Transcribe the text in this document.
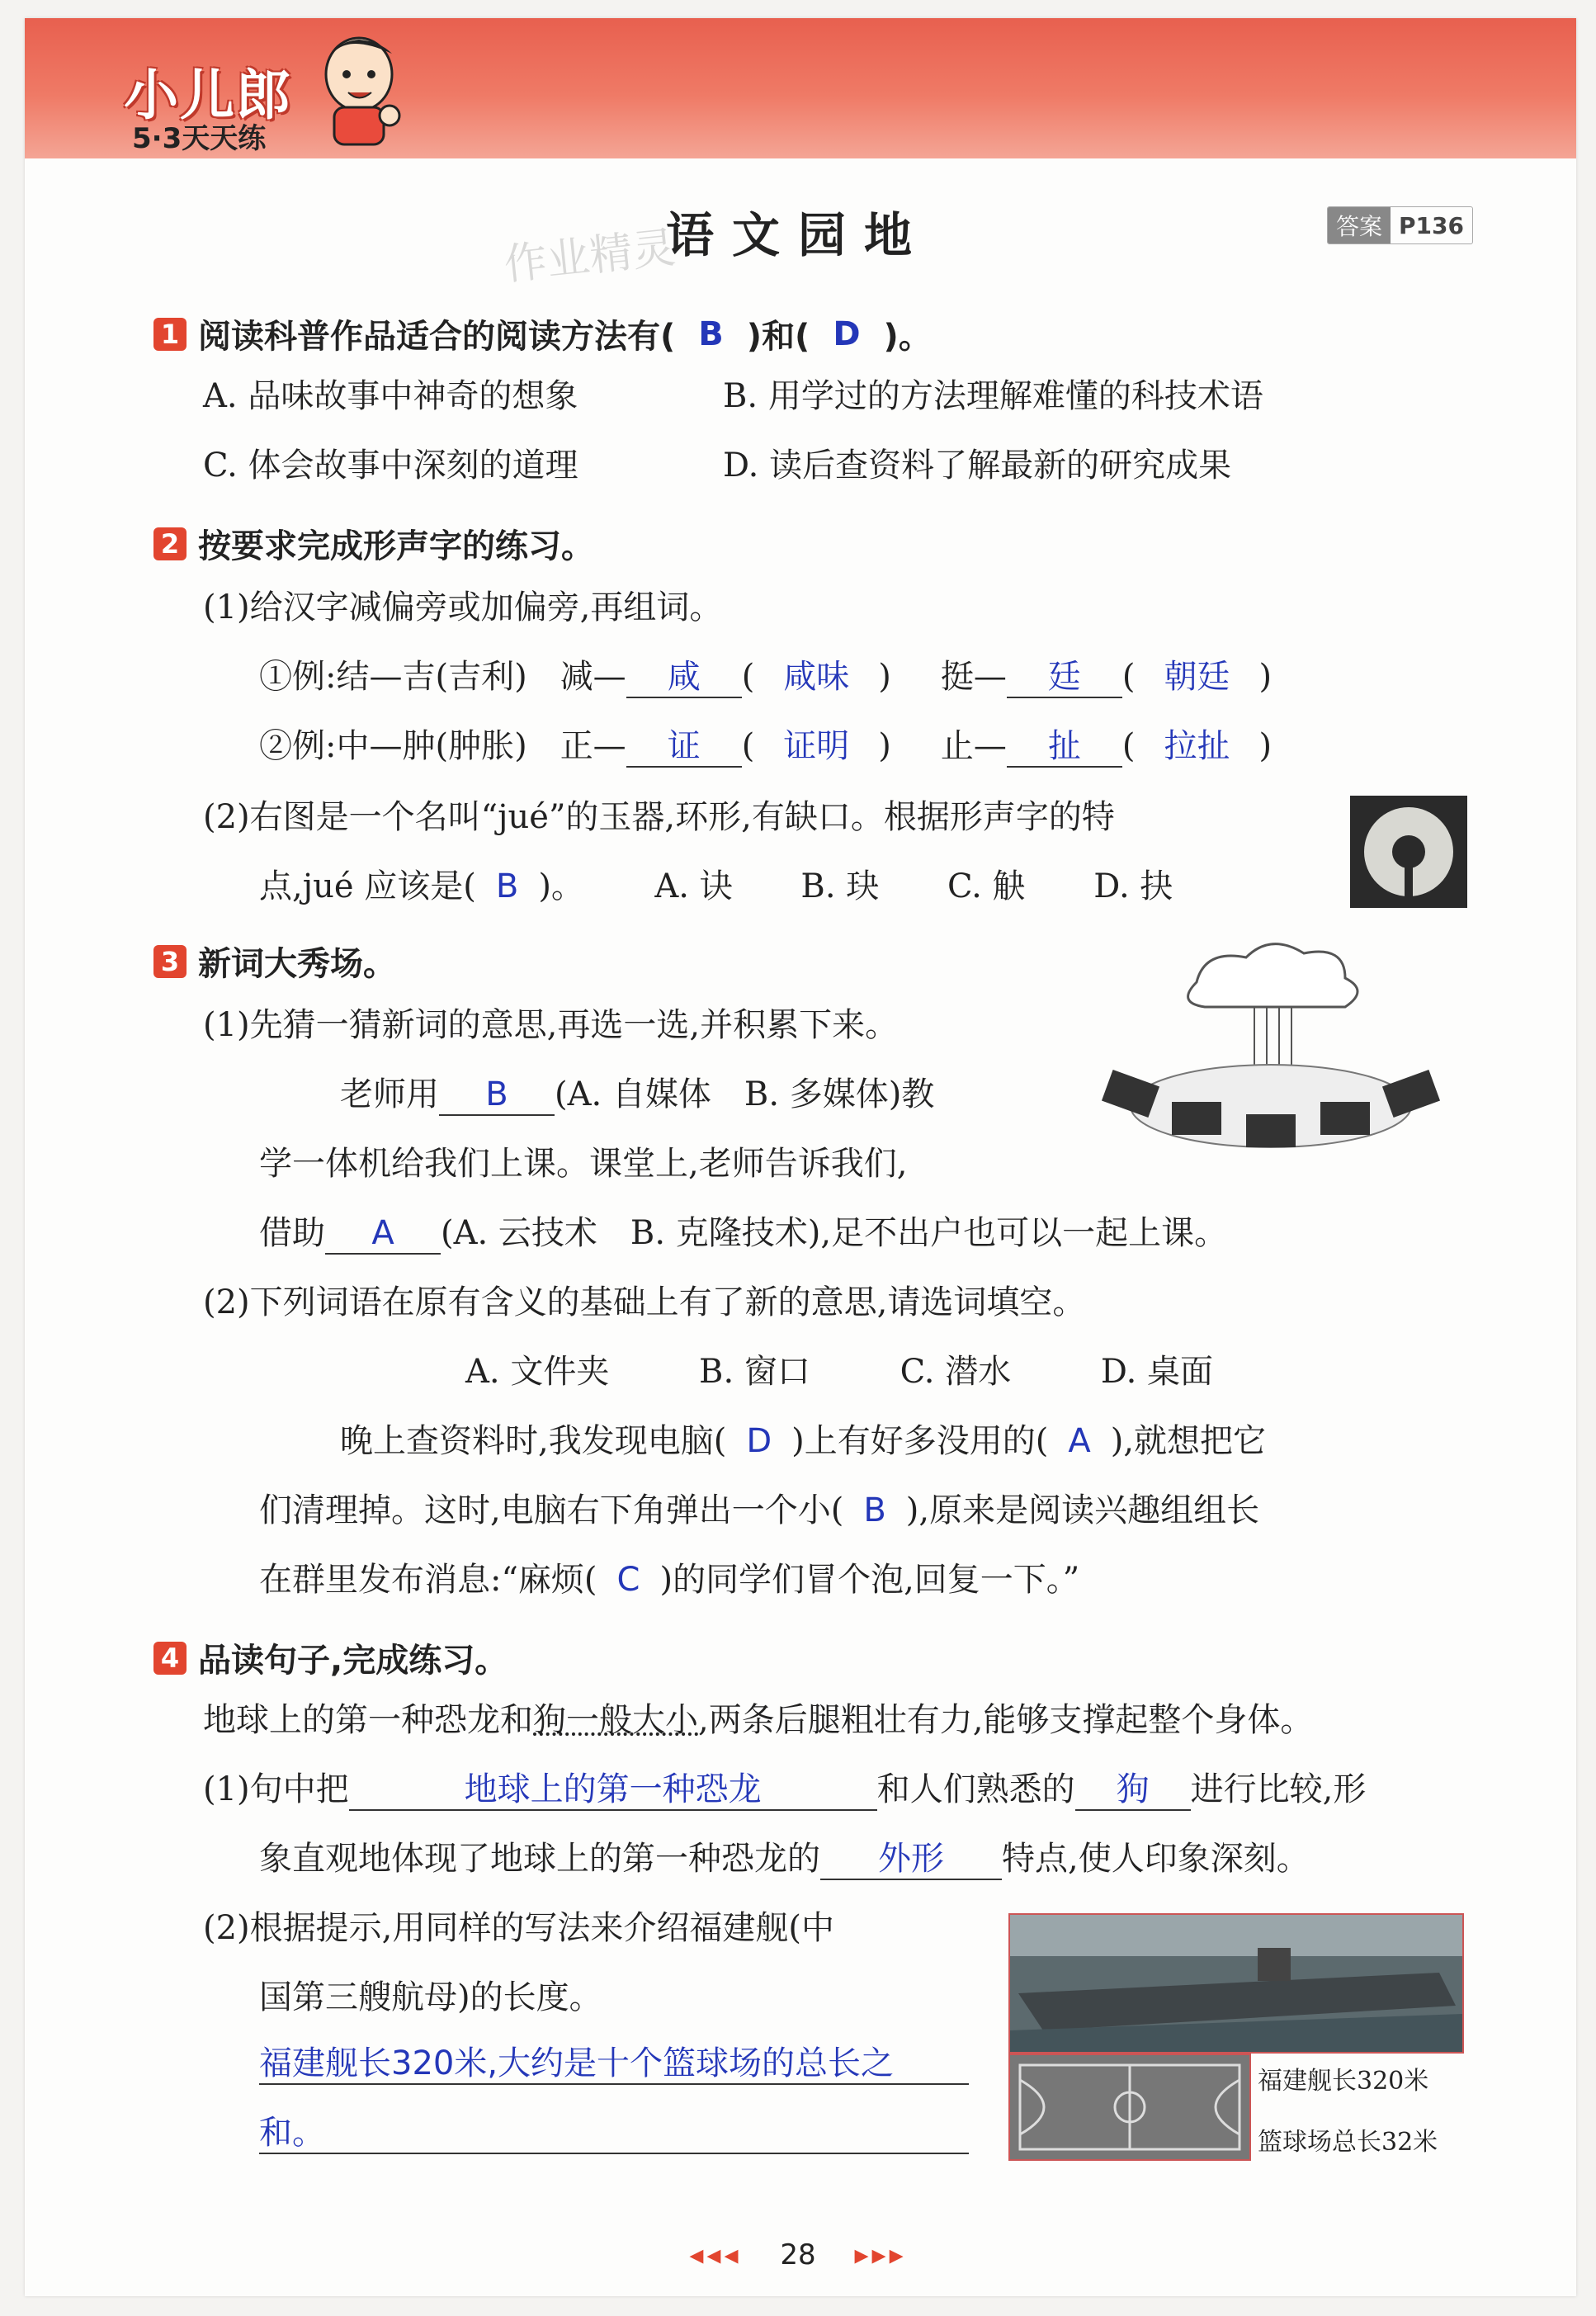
小儿郎
5·3天天练
语文园地
作业精灵	答案 P136
1 阅读科普作品适合的阅读方法有( B )和( D )。
A. 品味故事中神奇的想象	B. 用学过的方法理解难懂的科技术语
C. 体会故事中深刻的道理	D. 读后查资料了解最新的研究成果
2 按要求完成形声字的练习。
(1)给汉字减偏旁或加偏旁,再组词。
①例:结—吉(吉利) 减— 咸 ( 咸味 ) 挺— 廷 ( 朝廷 )
②例:中—肿(肿胀) 正— 证 ( 证明 ) 止— 扯 ( 拉扯 )
(2)右图是一个名叫“jué”的玉器,环形,有缺口。根据形声字的特
点,jué 应该是( B )。 A. 诀 B. 玦 C. 觖 D. 抉
3 新词大秀场。
(1)先猜一猜新词的意思,再选一选,并积累下来。
老师用 B (A. 自媒体　B. 多媒体)教
学一体机给我们上课。课堂上,老师告诉我们,
借助 A (A. 云技术　B. 克隆技术),足不出户也可以一起上课。
(2)下列词语在原有含义的基础上有了新的意思,请选词填空。
A. 文件夹	B. 窗口	C. 潜水	D. 桌面
晚上查资料时,我发现电脑( D )上有好多没用的( A ),就想把它
们清理掉。这时,电脑右下角弹出一个小( B ),原来是阅读兴趣组组长
在群里发布消息:“麻烦( C )的同学们冒个泡,回复一下。”
4 品读句子,完成练习。
地球上的第一种恐龙和狗一般大小,两条后腿粗壮有力,能够支撑起整个身体。
(1)句中把	地球上的第一种恐龙	和人们熟悉的 狗 进行比较,形
象直观地体现了地球上的第一种恐龙的 外形 特点,使人印象深刻。
(2)根据提示,用同样的写法来介绍福建舰(中
国第三艘航母)的长度。
福建舰长320米,大约是十个篮球场的总长之
和。
福建舰长320米
篮球场总长32米
◂◂◂ 28 ▸▸▸
